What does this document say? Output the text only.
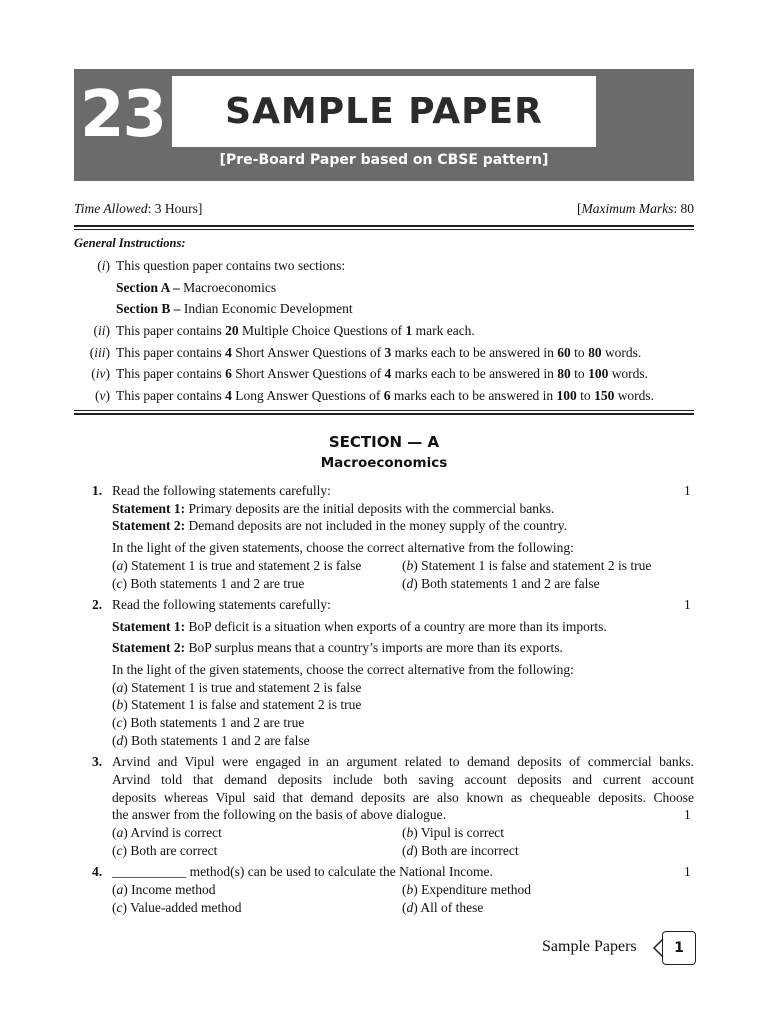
23 SAMPLE PAPER
[Pre-Board Paper based on CBSE pattern]
Time Allowed: 3 Hours]	[Maximum Marks: 80
General Instructions:
(i) This question paper contains two sections:
Section A – Macroeconomics
Section B – Indian Economic Development
(ii) This paper contains 20 Multiple Choice Questions of 1 mark each.
(iii) This paper contains 4 Short Answer Questions of 3 marks each to be answered in 60 to 80 words.
(iv) This paper contains 6 Short Answer Questions of 4 marks each to be answered in 80 to 100 words.
(v) This paper contains 4 Long Answer Questions of 6 marks each to be answered in 100 to 150 words.
SECTION — A
Macroeconomics
1.	1
Read the following statements carefully:
Statement 1: Primary deposits are the initial deposits with the commercial banks.
Statement 2: Demand deposits are not included in the money supply of the country.
In the light of the given statements, choose the correct alternative from the following:
(a) Statement 1 is true and statement 2 is false	(b) Statement 1 is false and statement 2 is true
(c) Both statements 1 and 2 are true	(d) Both statements 1 and 2 are false
2.	1
Read the following statements carefully:
Statement 1: BoP deficit is a situation when exports of a country are more than its imports.
Statement 2: BoP surplus means that a country’s imports are more than its exports.
In the light of the given statements, choose the correct alternative from the following:
(a) Statement 1 is true and statement 2 is false
(b) Statement 1 is false and statement 2 is true
(c) Both statements 1 and 2 are true
(d) Both statements 1 and 2 are false
3. Arvind and Vipul were engaged in an argument related to demand deposits of commercial banks.
Arvind told that demand deposits include both saving account deposits and current account
deposits whereas Vipul said that demand deposits are also known as chequeable deposits. Choose
the answer from the following on the basis of above dialogue.	1
(a) Arvind is correct	(b) Vipul is correct
(c) Both are correct	(d) Both are incorrect
4.	1
___________ method(s) can be used to calculate the National Income.
(a) Income method	(b) Expenditure method
(c) Value-added method	(d) All of these
Sample Papers	1
